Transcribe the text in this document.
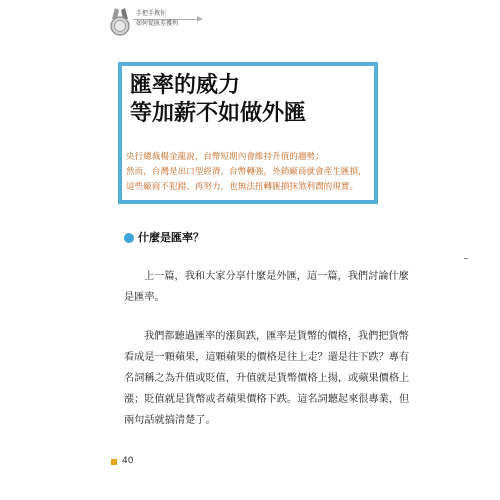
手把手教你
如何從匯差獲利
匯率的威力
等加薪不如做外匯

央行總裁楊金龍說，台幣短期內會維持升值的趨勢；
然而，台灣是出口型經濟，台幣轉強，外銷廠商就會產生匯損，
這些廠商不犯錯、再努力，也無法扭轉匯損抹煞利潤的現實。

什麼是匯率？

上一篇，我和大家分享什麼是外匯，這一篇，我們討論什麼
是匯率。

我們都聽過匯率的漲與跌，匯率是貨幣的價格，我們把貨幣
看成是一顆蘋果，這顆蘋果的價格是往上走？還是往下跌？專有
名詞稱之為升值或貶值，升值就是貨幣價格上揚，或蘋果價格上
漲；貶值就是貨幣或者蘋果價格下跌。這名詞聽起來很專業，但
兩句話就搞清楚了。

40
